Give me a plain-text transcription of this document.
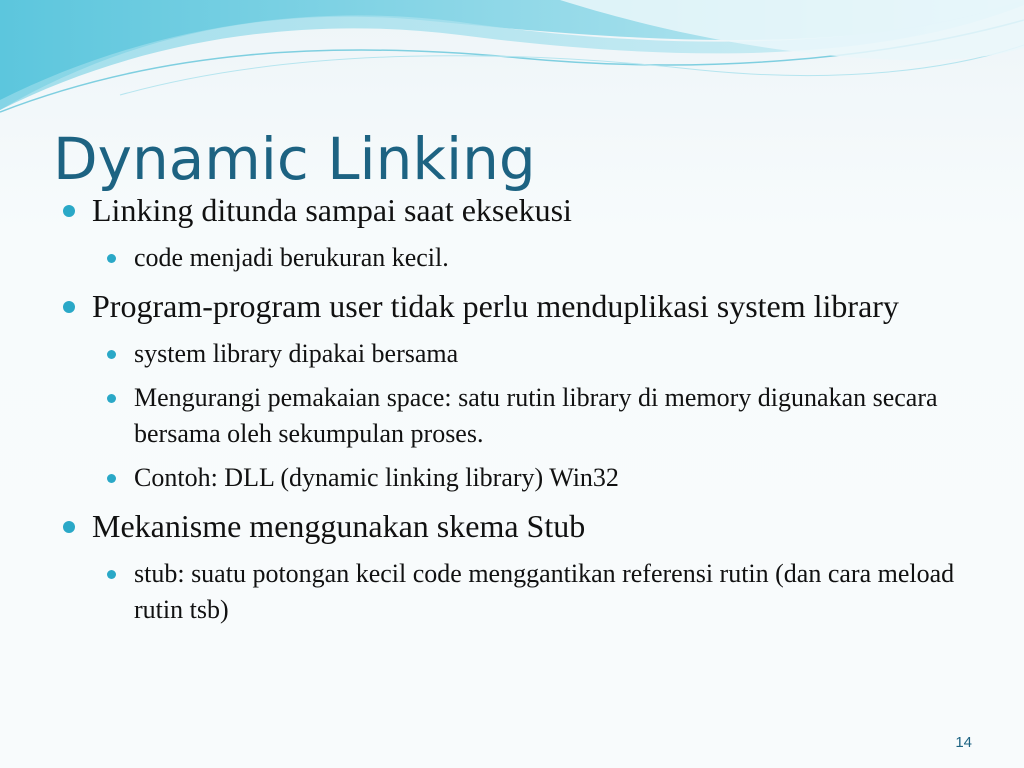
Dynamic Linking
Linking ditunda sampai saat eksekusi
code menjadi berukuran kecil.
Program-program user tidak perlu menduplikasi system library
system library dipakai bersama
Mengurangi pemakaian space: satu rutin library di memory digunakan secara bersama oleh sekumpulan proses.
Contoh: DLL (dynamic linking library) Win32
Mekanisme menggunakan skema Stub
stub: suatu potongan kecil code menggantikan referensi rutin (dan cara meload rutin tsb)
14
